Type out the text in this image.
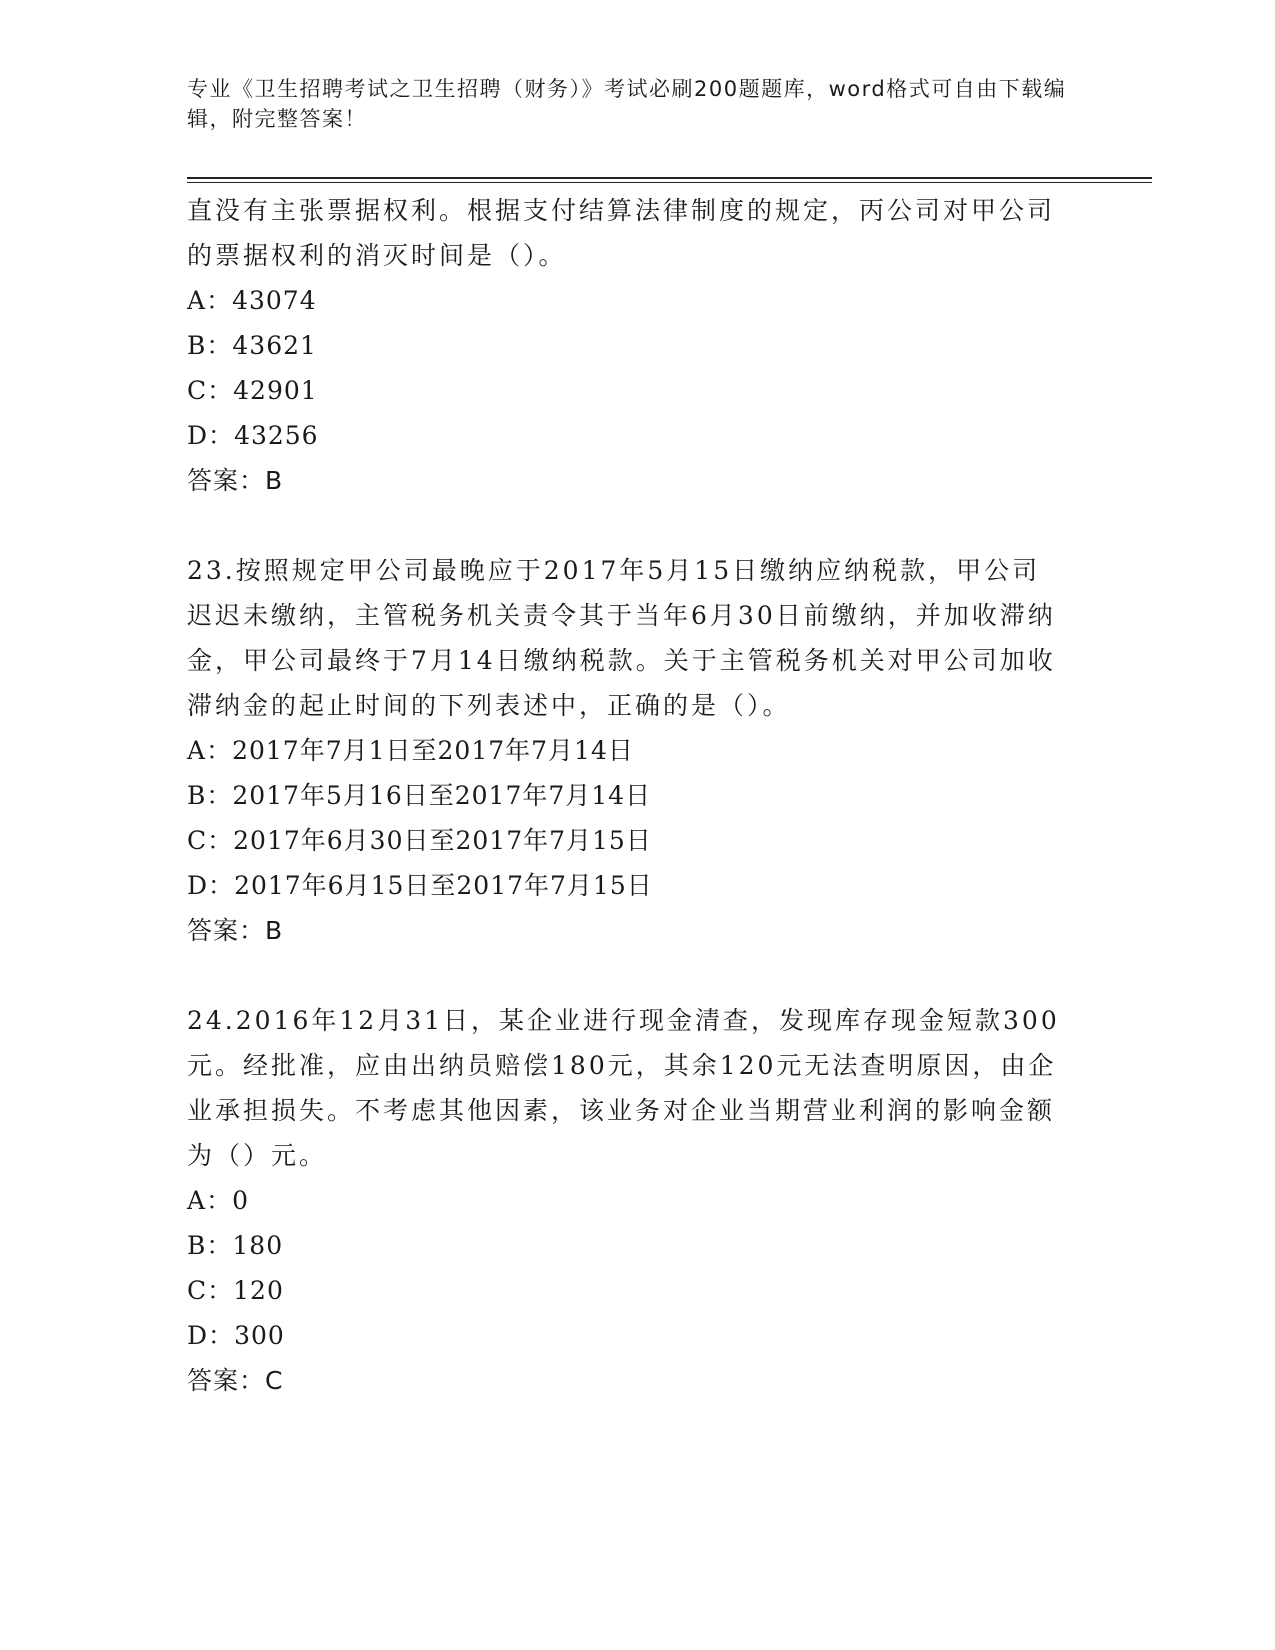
专业《卫生招聘考试之卫生招聘（财务）》考试必刷200题题库，word格式可自由下载编辑，附完整答案！
直没有主张票据权利。根据支付结算法律制度的规定，丙公司对甲公司的票据权利的消灭时间是（）。
A：43074
B：43621
C：42901
D：43256
答案：B
23.按照规定甲公司最晚应于2017年5月15日缴纳应纳税款，甲公司迟迟未缴纳，主管税务机关责令其于当年6月30日前缴纳，并加收滞纳金，甲公司最终于7月14日缴纳税款。关于主管税务机关对甲公司加收滞纳金的起止时间的下列表述中，正确的是（）。
A：2017年7月1日至2017年7月14日
B：2017年5月16日至2017年7月14日
C：2017年6月30日至2017年7月15日
D：2017年6月15日至2017年7月15日
答案：B
24.2016年12月31日，某企业进行现金清查，发现库存现金短款300元。经批准，应由出纳员赔偿180元，其余120元无法查明原因，由企业承担损失。不考虑其他因素，该业务对企业当期营业利润的影响金额为（）元。
A：0
B：180
C：120
D：300
答案：C
